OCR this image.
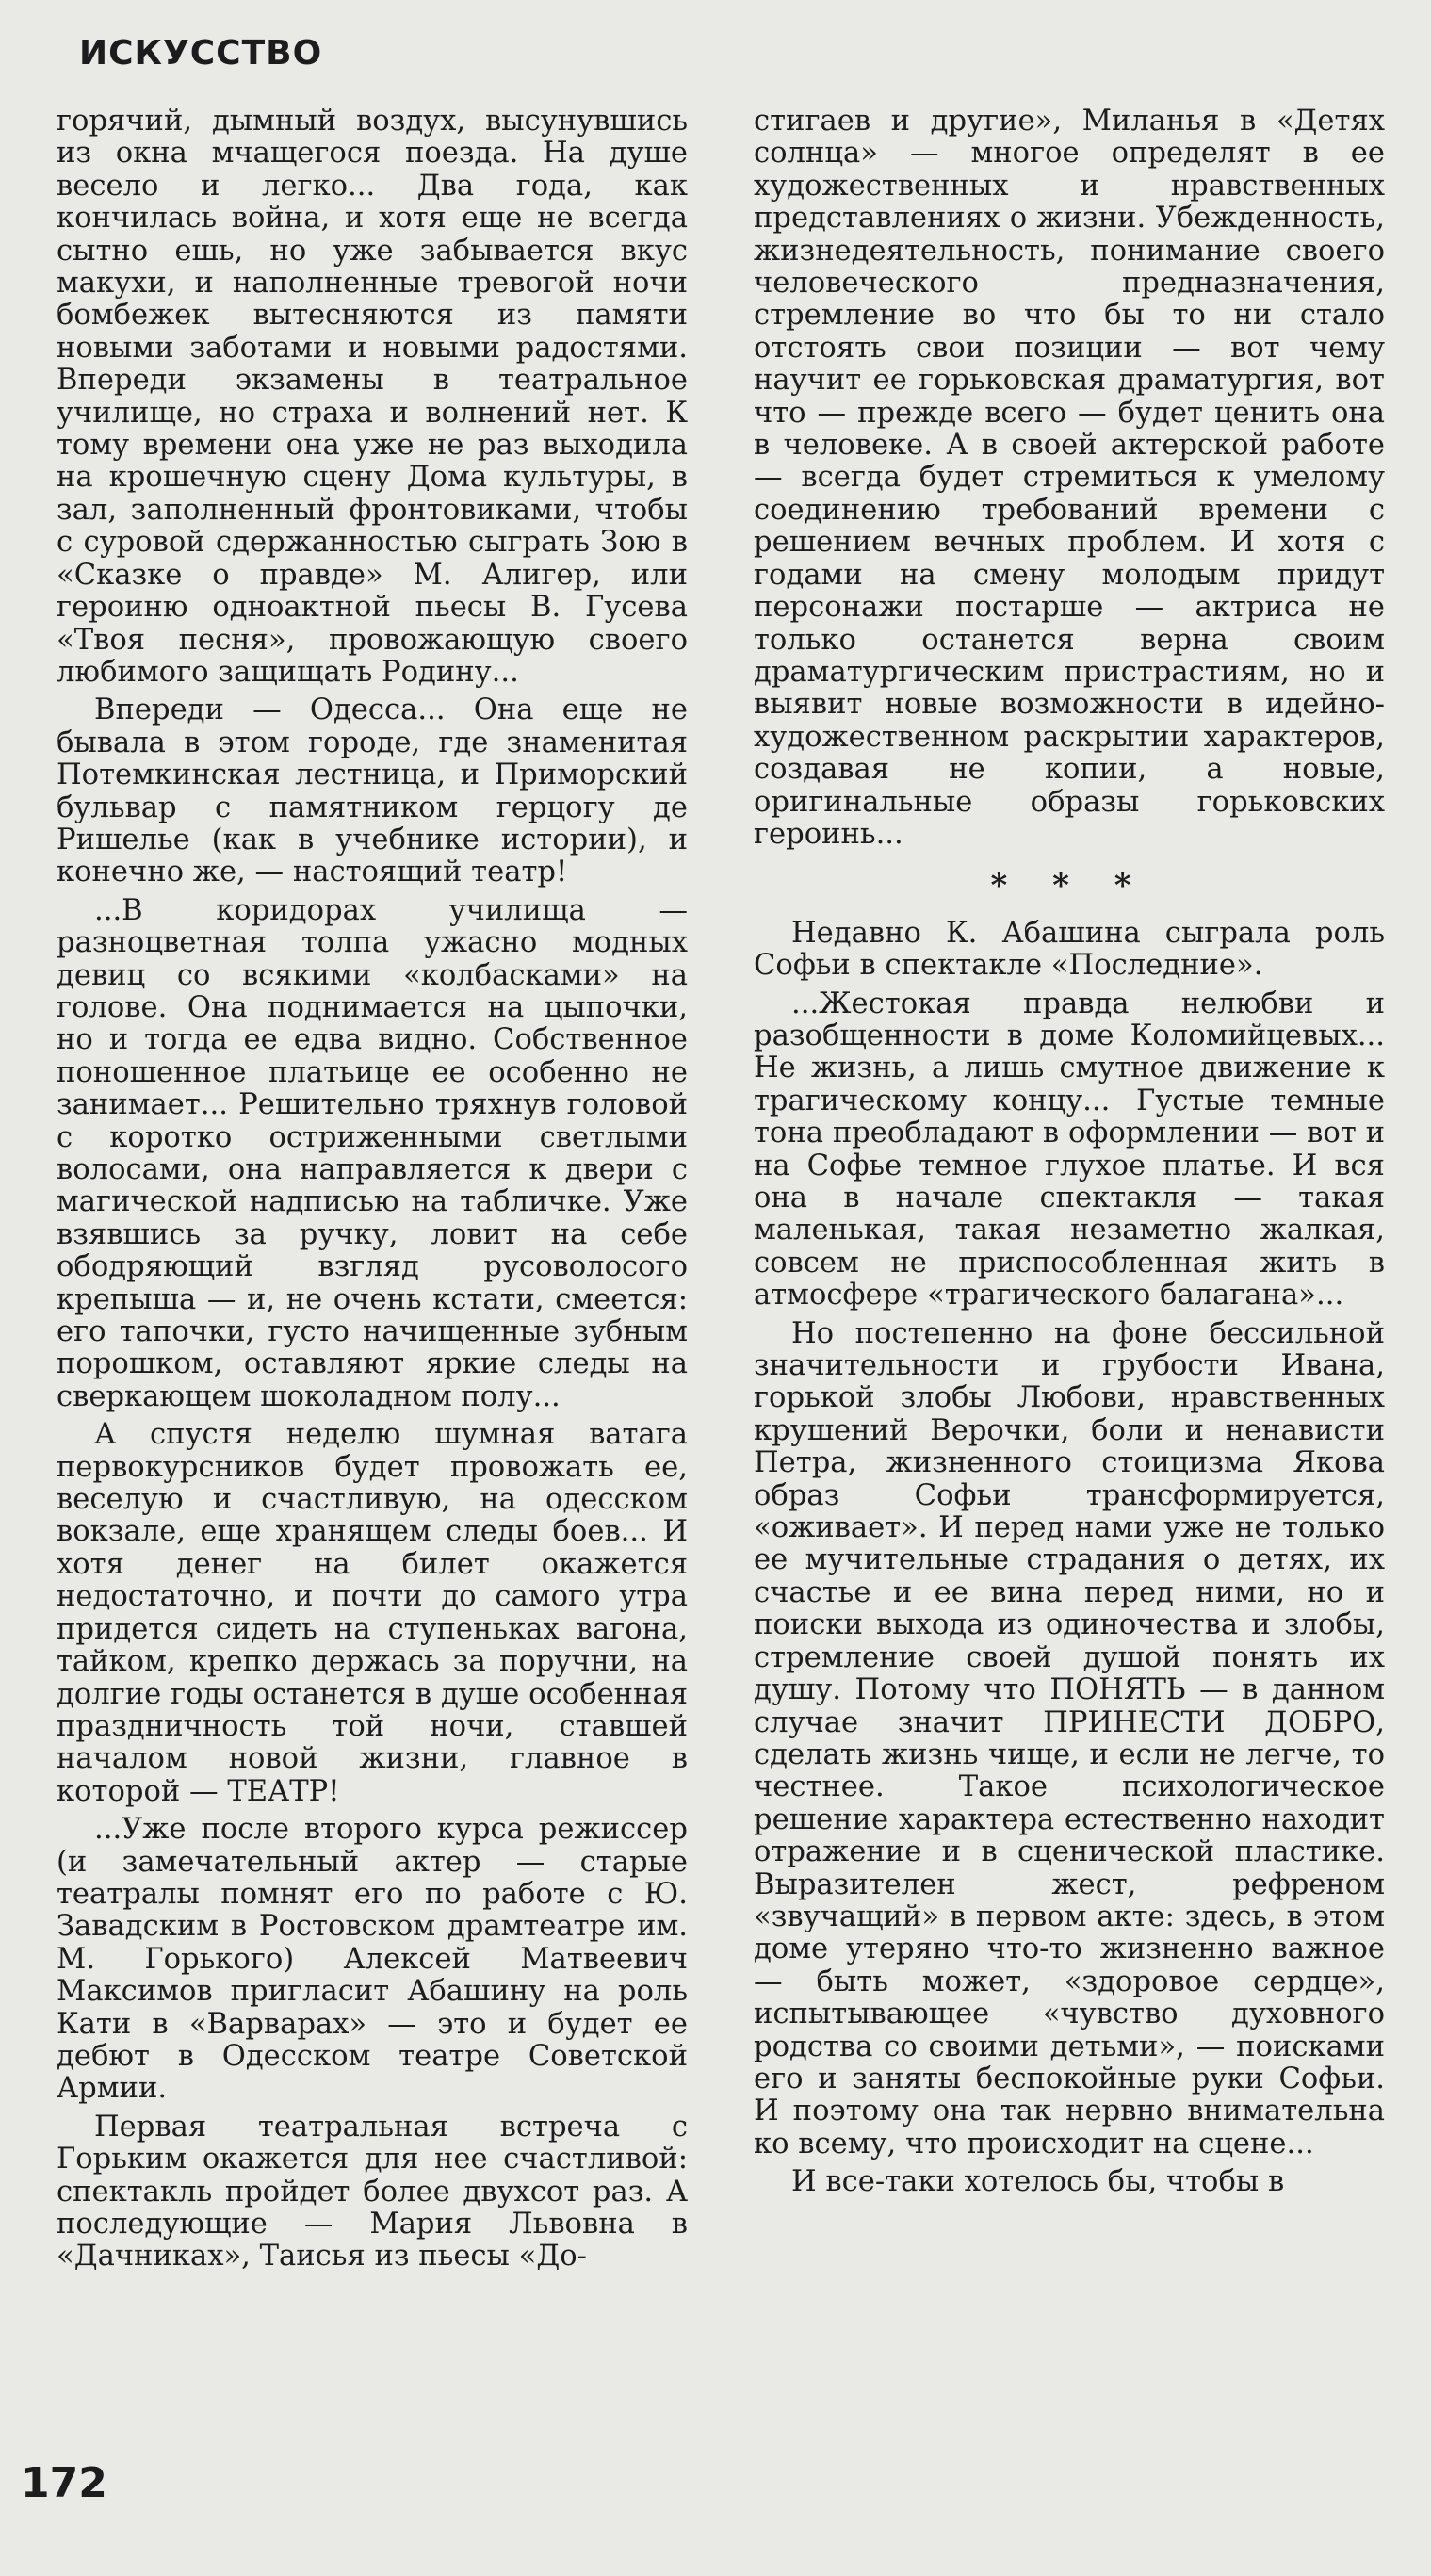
ИСКУССТВО

горячий, дымный воздух, высунувшись из окна мчащегося поезда. На душе весело и легко... Два года, как кончилась война, и хотя еще не всегда сытно ешь, но уже забывается вкус макухи, и наполненные тревогой ночи бомбежек вытесняются из памяти новыми заботами и новыми радостями. Впереди экзамены в театральное училище, но страха и волнений нет. К тому времени она уже не раз выходила на крошечную сцену Дома культуры, в зал, заполненный фронтовиками, чтобы с суровой сдержанностью сыграть Зою в «Сказке о правде» М. Алигер, или героиню одноактной пьесы В. Гусева «Твоя песня», провожающую своего любимого защищать Родину...

Впереди — Одесса... Она еще не бывала в этом городе, где знаменитая Потемкинская лестница, и Приморский бульвар с памятником герцогу де Ришелье (как в учебнике истории), и конечно же, — настоящий театр!

...В коридорах училища — разноцветная толпа ужасно модных девиц со всякими «колбасками» на голове. Она поднимается на цыпочки, но и тогда ее едва видно. Собственное поношенное платьице ее особенно не занимает... Решительно тряхнув головой с коротко остриженными светлыми волосами, она направляется к двери с магической надписью на табличке. Уже взявшись за ручку, ловит на себе ободряющий взгляд русоволосого крепыша — и, не очень кстати, смеется: его тапочки, густо начищенные зубным порошком, оставляют яркие следы на сверкающем шоколадном полу...

А спустя неделю шумная ватага первокурсников будет провожать ее, веселую и счастливую, на одесском вокзале, еще хранящем следы боев... И хотя денег на билет окажется недостаточно, и почти до самого утра придется сидеть на ступеньках вагона, тайком, крепко держась за поручни, на долгие годы останется в душе особенная праздничность той ночи, ставшей началом новой жизни, главное в которой — ТЕАТР!

...Уже после второго курса режиссер (и замечательный актер — старые театралы помнят его по работе с Ю. Завадским в Ростовском драмтеатре им. М. Горького) Алексей Матвеевич Максимов пригласит Абашину на роль Кати в «Варварах» — это и будет ее дебют в Одесском театре Советской Армии.

Первая театральная встреча с Горьким окажется для нее счастливой: спектакль пройдет более двухсот раз. А последующие — Мария Львовна в «Дачниках», Таисья из пьесы «До-

стигаев и другие», Миланья в «Детях солнца» — многое определят в ее художественных и нравственных представлениях о жизни. Убежденность, жизнедеятельность, понимание своего человеческого предназначения, стремление во что бы то ни стало отстоять свои позиции — вот чему научит ее горьковская драматургия, вот что — прежде всего — будет ценить она в человеке. А в своей актерской работе — всегда будет стремиться к умелому соединению требований времени с решением вечных проблем. И хотя с годами на смену молодым придут персонажи постарше — актриса не только останется верна своим драматургическим пристрастиям, но и выявит новые возможности в идейно-художественном раскрытии характеров, создавая не копии, а новые, оригинальные образы горьковских героинь...

* * *

Недавно К. Абашина сыграла роль Софьи в спектакле «Последние».

...Жестокая правда нелюбви и разобщенности в доме Коломийцевых... Не жизнь, а лишь смутное движение к трагическому концу... Густые темные тона преобладают в оформлении — вот и на Софье темное глухое платье. И вся она в начале спектакля — такая маленькая, такая незаметно жалкая, совсем не приспособленная жить в атмосфере «трагического балагана»...

Но постепенно на фоне бессильной значительности и грубости Ивана, горькой злобы Любови, нравственных крушений Верочки, боли и ненависти Петра, жизненного стоицизма Якова образ Софьи трансформируется, «оживает». И перед нами уже не только ее мучительные страдания о детях, их счастье и ее вина перед ними, но и поиски выхода из одиночества и злобы, стремление своей душой понять их душу. Потому что ПОНЯТЬ — в данном случае значит ПРИНЕСТИ ДОБРО, сделать жизнь чище, и если не легче, то честнее. Такое психологическое решение характера естественно находит отражение и в сценической пластике. Выразителен жест, рефреном «звучащий» в первом акте: здесь, в этом доме утеряно что-то жизненно важное — быть может, «здоровое сердце», испытывающее «чувство духовного родства со своими детьми», — поисками его и заняты беспокойные руки Софьи. И поэтому она так нервно внимательна ко всему, что происходит на сцене...

И все-таки хотелось бы, чтобы в

172
